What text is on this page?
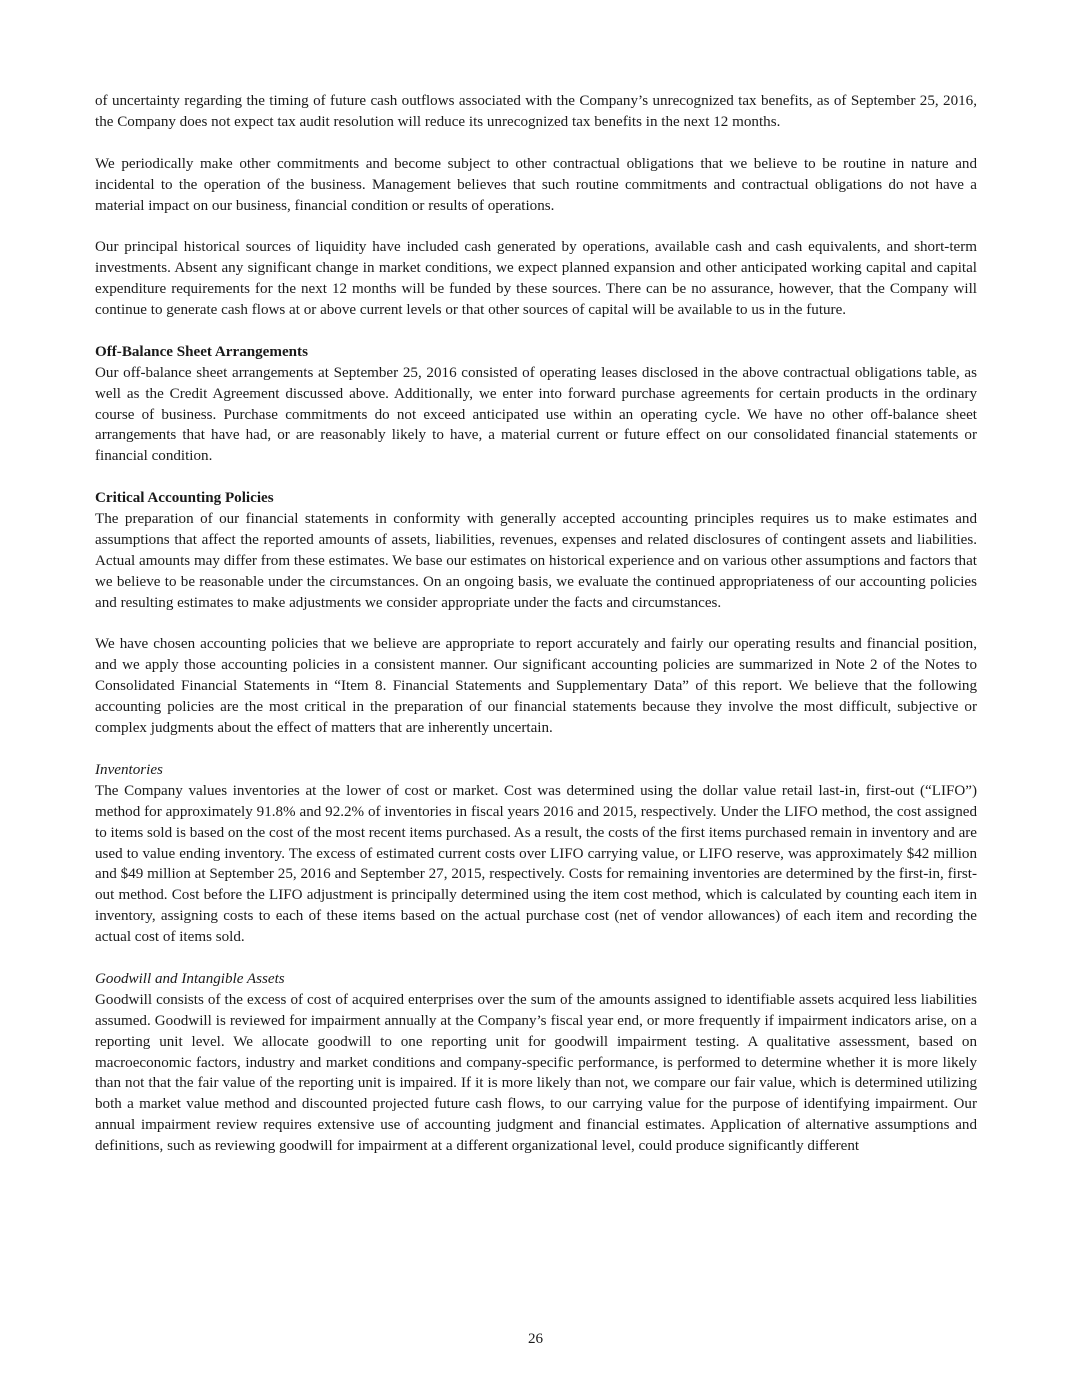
of uncertainty regarding the timing of future cash outflows associated with the Company’s unrecognized tax benefits, as of September 25, 2016, the Company does not expect tax audit resolution will reduce its unrecognized tax benefits in the next 12 months.

We periodically make other commitments and become subject to other contractual obligations that we believe to be routine in nature and incidental to the operation of the business. Management believes that such routine commitments and contractual obligations do not have a material impact on our business, financial condition or results of operations.

Our principal historical sources of liquidity have included cash generated by operations, available cash and cash equivalents, and short-term investments. Absent any significant change in market conditions, we expect planned expansion and other anticipated working capital and capital expenditure requirements for the next 12 months will be funded by these sources. There can be no assurance, however, that the Company will continue to generate cash flows at or above current levels or that other sources of capital will be available to us in the future.

Off-Balance Sheet Arrangements

Our off-balance sheet arrangements at September 25, 2016 consisted of operating leases disclosed in the above contractual obligations table, as well as the Credit Agreement discussed above. Additionally, we enter into forward purchase agreements for certain products in the ordinary course of business. Purchase commitments do not exceed anticipated use within an operating cycle. We have no other off-balance sheet arrangements that have had, or are reasonably likely to have, a material current or future effect on our consolidated financial statements or financial condition.

Critical Accounting Policies

The preparation of our financial statements in conformity with generally accepted accounting principles requires us to make estimates and assumptions that affect the reported amounts of assets, liabilities, revenues, expenses and related disclosures of contingent assets and liabilities. Actual amounts may differ from these estimates. We base our estimates on historical experience and on various other assumptions and factors that we believe to be reasonable under the circumstances. On an ongoing basis, we evaluate the continued appropriateness of our accounting policies and resulting estimates to make adjustments we consider appropriate under the facts and circumstances.

We have chosen accounting policies that we believe are appropriate to report accurately and fairly our operating results and financial position, and we apply those accounting policies in a consistent manner. Our significant accounting policies are summarized in Note 2 of the Notes to Consolidated Financial Statements in “Item 8. Financial Statements and Supplementary Data” of this report. We believe that the following accounting policies are the most critical in the preparation of our financial statements because they involve the most difficult, subjective or complex judgments about the effect of matters that are inherently uncertain.

Inventories

The Company values inventories at the lower of cost or market. Cost was determined using the dollar value retail last-in, first-out (“LIFO”) method for approximately 91.8% and 92.2% of inventories in fiscal years 2016 and 2015, respectively. Under the LIFO method, the cost assigned to items sold is based on the cost of the most recent items purchased. As a result, the costs of the first items purchased remain in inventory and are used to value ending inventory. The excess of estimated current costs over LIFO carrying value, or LIFO reserve, was approximately $42 million and $49 million at September 25, 2016 and September 27, 2015, respectively. Costs for remaining inventories are determined by the first-in, first-out method. Cost before the LIFO adjustment is principally determined using the item cost method, which is calculated by counting each item in inventory, assigning costs to each of these items based on the actual purchase cost (net of vendor allowances) of each item and recording the actual cost of items sold.

Goodwill and Intangible Assets

Goodwill consists of the excess of cost of acquired enterprises over the sum of the amounts assigned to identifiable assets acquired less liabilities assumed. Goodwill is reviewed for impairment annually at the Company’s fiscal year end, or more frequently if impairment indicators arise, on a reporting unit level. We allocate goodwill to one reporting unit for goodwill impairment testing. A qualitative assessment, based on macroeconomic factors, industry and market conditions and company-specific performance, is performed to determine whether it is more likely than not that the fair value of the reporting unit is impaired. If it is more likely than not, we compare our fair value, which is determined utilizing both a market value method and discounted projected future cash flows, to our carrying value for the purpose of identifying impairment. Our annual impairment review requires extensive use of accounting judgment and financial estimates. Application of alternative assumptions and definitions, such as reviewing goodwill for impairment at a different organizational level, could produce significantly different

26
